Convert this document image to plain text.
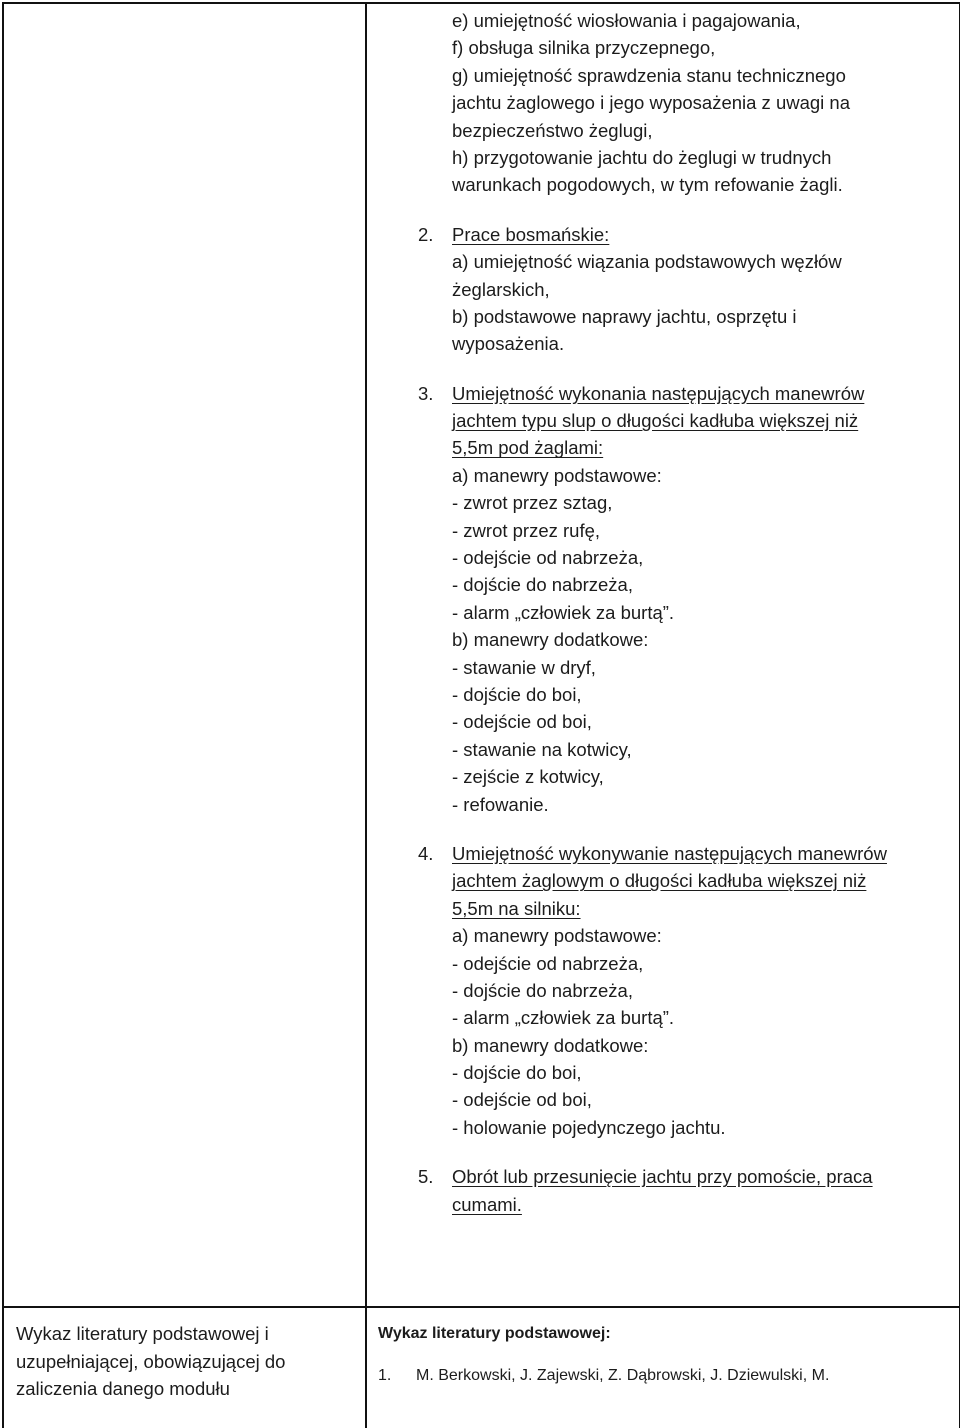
e) umiejętność wiosłowania i pagajowania,
f) obsługa silnika przyczepnego,
g) umiejętność sprawdzenia stanu technicznego
jachtu żaglowego i jego wyposażenia z uwagi na
bezpieczeństwo żeglugi,
h) przygotowanie jachtu do żeglugi w trudnych
warunkach pogodowych, w tym refowanie żagli.
2. Prace bosmańskie:
a) umiejętność wiązania podstawowych węzłów
żeglarskich,
b) podstawowe naprawy jachtu, osprzętu i
wyposażenia.
3. Umiejętność wykonania następujących manewrów
jachtem typu slup o długości kadłuba większej niż
5,5m pod żaglami:
a) manewry podstawowe:
- zwrot przez sztag,
- zwrot przez rufę,
- odejście od nabrzeża,
- dojście do nabrzeża,
- alarm „człowiek za burtą”.
b) manewry dodatkowe:
- stawanie w dryf,
- dojście do boi,
- odejście od boi,
- stawanie na kotwicy,
- zejście z kotwicy,
- refowanie.
4. Umiejętność wykonywanie następujących manewrów
jachtem żaglowym o długości kadłuba większej niż
5,5m na silniku:
a) manewry podstawowe:
- odejście od nabrzeża,
- dojście do nabrzeża,
- alarm „człowiek za burtą”.
b) manewry dodatkowe:
- dojście do boi,
- odejście od boi,
- holowanie pojedynczego jachtu.
5. Obrót lub przesunięcie jachtu przy pomoście, praca
cumami.
Wykaz literatury podstawowej i
uzupełniającej, obowiązującej do
zaliczenia danego modułu
Wykaz literatury podstawowej:
1. M. Berkowski, J. Zajewski, Z. Dąbrowski, J. Dziewulski, M.
